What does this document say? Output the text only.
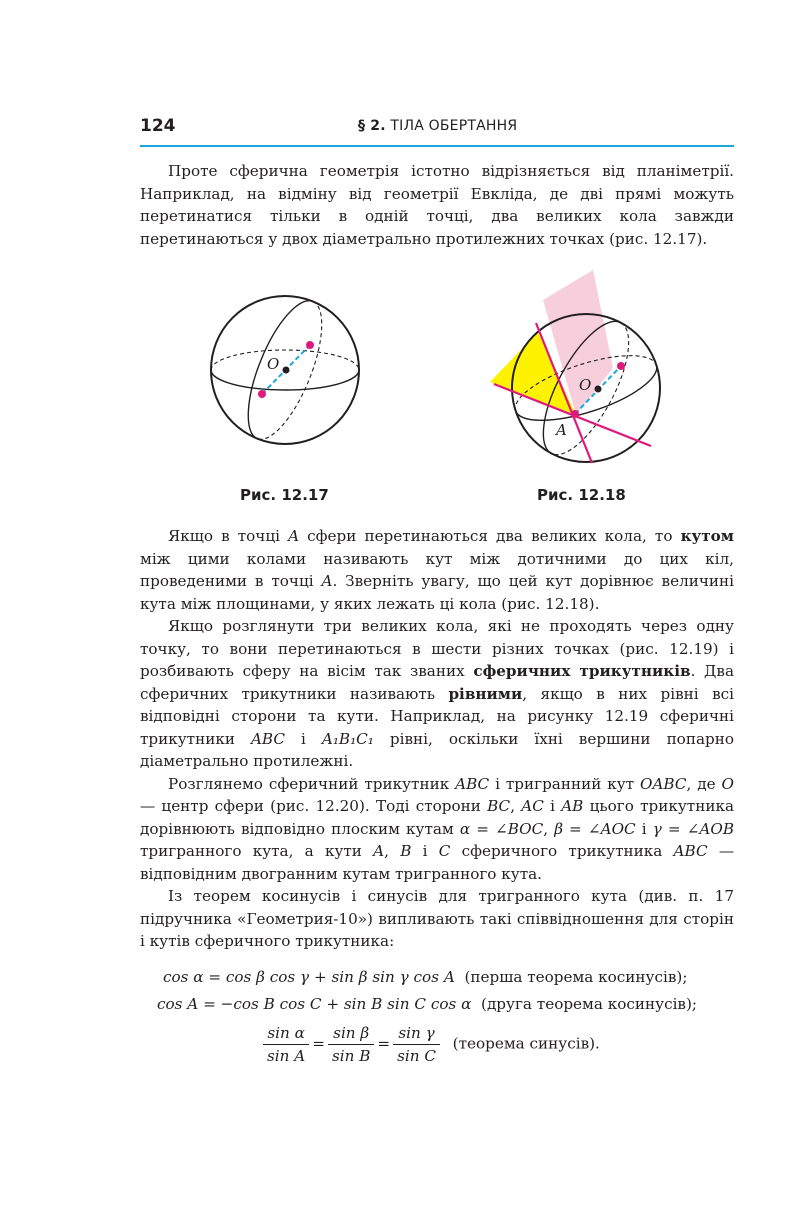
124	§ 2. ТІЛА ОБЕРТАННЯ

Проте сферична геометрія істотно відрізняється від планіметрії. Наприклад, на відміну від геометрії Евкліда, де дві прямі можуть перетинатися тільки в одній точці, два великих кола завжди перетинаються у двох діаметрально протилежних точках (рис. 12.17).

O
Рис. 12.17
O
A
Рис. 12.18

Якщо в точці A сфери перетинаються два великих кола, то кутом між цими колами називають кут між дотичними до цих кіл, проведеними в точці A. Зверніть увагу, що цей кут дорівнює величині кута між площинами, у яких лежать ці кола (рис. 12.18).

Якщо розглянути три великих кола, які не проходять через одну точку, то вони перетинаються в шести різних точках (рис. 12.19) і розбивають сферу на вісім так званих сферичних трикутників. Два сферичних трикутники називають рівними, якщо в них рівні всі відповідні сторони та кути. Наприклад, на рисунку 12.19 сферичні трикутники ABC і A₁B₁C₁ рівні, оскільки їхні вершини попарно діаметрально протилежні.

Розглянемо сферичний трикутник ABC і тригранний кут OABC, де O — центр сфери (рис. 12.20). Тоді сторони BC, AC і AB цього трикутника дорівнюють відповідно плоским кутам α = ∠BOC, β = ∠AOC і γ = ∠AOB тригранного кута, а кути A, B і C сферичного трикутника ABC — відповідним двогранним кутам тригранного кута.

Із теорем косинусів і синусів для тригранного кута (див. п. 17 підручника «Геометрия-10») випливають такі співвідношення для сторін і кутів сферичного трикутника:

cos α = cos β cos γ + sin β sin γ cos A (перша теорема косинусів);
cos A = −cos B cos C + sin B sin C cos α (друга теорема косинусів);
$\frac{\text{sin α}}{\text{sin A}} = \frac{\text{sin β}}{\text{sin B}} = \frac{\text{sin γ}}{\text{sin C}}$ (теорема синусів).
